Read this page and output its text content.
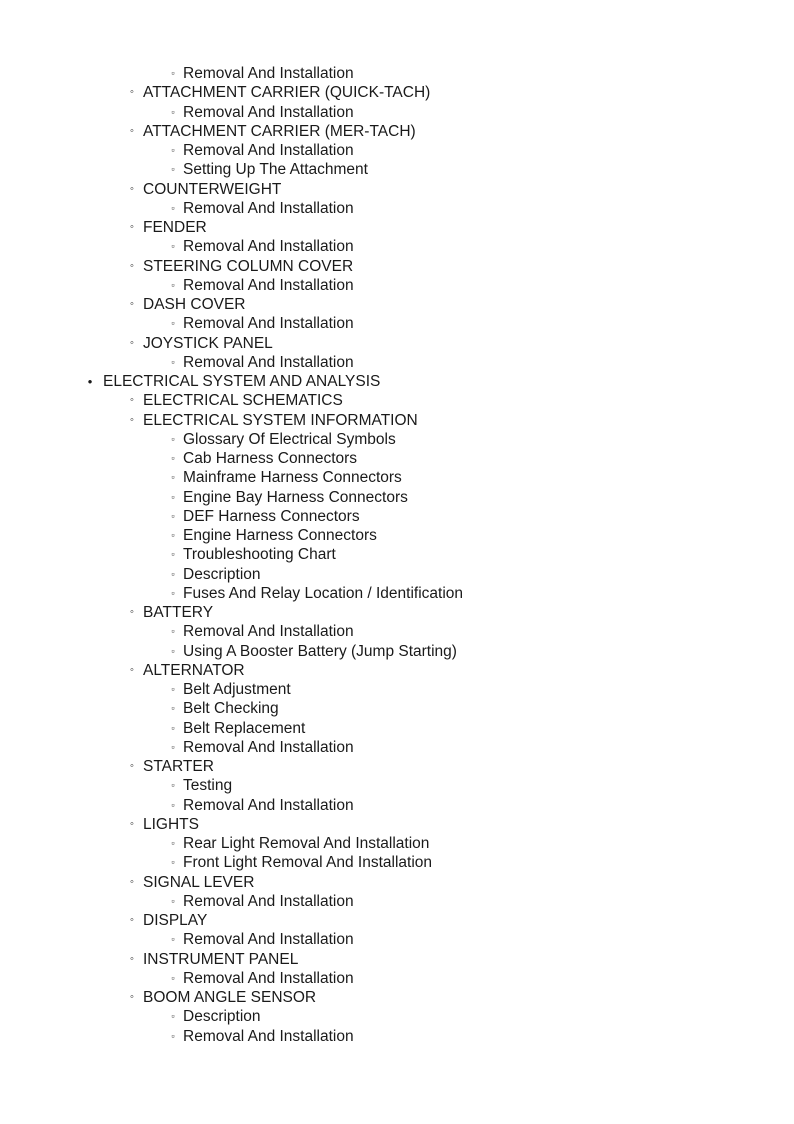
▫ Removal And Installation
◦ ATTACHMENT CARRIER (QUICK-TACH)
▫ Removal And Installation
◦ ATTACHMENT CARRIER (MER-TACH)
▫ Removal And Installation
▫ Setting Up The Attachment
◦ COUNTERWEIGHT
▫ Removal And Installation
◦ FENDER
▫ Removal And Installation
◦ STEERING COLUMN COVER
▫ Removal And Installation
◦ DASH COVER
▫ Removal And Installation
◦ JOYSTICK PANEL
▫ Removal And Installation
• ELECTRICAL SYSTEM AND ANALYSIS
◦ ELECTRICAL SCHEMATICS
◦ ELECTRICAL SYSTEM INFORMATION
▫ Glossary Of Electrical Symbols
▫ Cab Harness Connectors
▫ Mainframe Harness Connectors
▫ Engine Bay Harness Connectors
▫ DEF Harness Connectors
▫ Engine Harness Connectors
▫ Troubleshooting Chart
▫ Description
▫ Fuses And Relay Location / Identification
◦ BATTERY
▫ Removal And Installation
▫ Using A Booster Battery (Jump Starting)
◦ ALTERNATOR
▫ Belt Adjustment
▫ Belt Checking
▫ Belt Replacement
▫ Removal And Installation
◦ STARTER
▫ Testing
▫ Removal And Installation
◦ LIGHTS
▫ Rear Light Removal And Installation
▫ Front Light Removal And Installation
◦ SIGNAL LEVER
▫ Removal And Installation
◦ DISPLAY
▫ Removal And Installation
◦ INSTRUMENT PANEL
▫ Removal And Installation
◦ BOOM ANGLE SENSOR
▫ Description
▫ Removal And Installation
